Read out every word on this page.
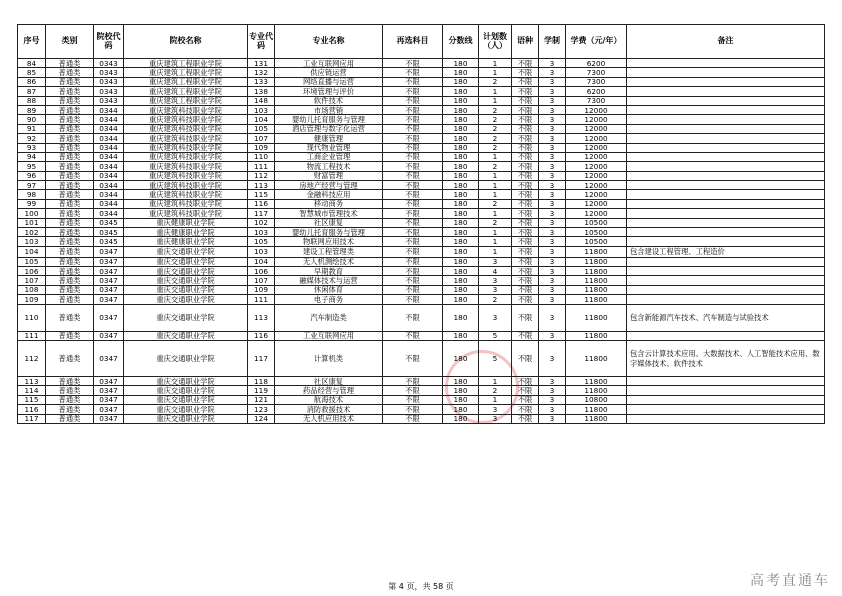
序号	类别	院校代码	院校名称	专业代码	专业名称	再选科目	分数线	计划数（人）	语种	学制	学费（元/年）	备注
84	普通类	0343	重庆建筑工程职业学院	131	工业互联网应用	不限	180	1	不限	3	6200	
85	普通类	0343	重庆建筑工程职业学院	132	供应链运营	不限	180	1	不限	3	7300	
86	普通类	0343	重庆建筑工程职业学院	133	网络直播与运营	不限	180	2	不限	3	7300	
87	普通类	0343	重庆建筑工程职业学院	138	环境管理与评价	不限	180	1	不限	3	6200	
88	普通类	0343	重庆建筑工程职业学院	148	软件技术	不限	180	1	不限	3	7300	
89	普通类	0344	重庆建筑科技职业学院	103	市场营销	不限	180	2	不限	3	12000	
90	普通类	0344	重庆建筑科技职业学院	104	婴幼儿托育服务与管理	不限	180	2	不限	3	12000	
91	普通类	0344	重庆建筑科技职业学院	105	酒店管理与数字化运营	不限	180	2	不限	3	12000	
92	普通类	0344	重庆建筑科技职业学院	107	健康管理	不限	180	2	不限	3	12000	
93	普通类	0344	重庆建筑科技职业学院	109	现代物业管理	不限	180	2	不限	3	12000	
94	普通类	0344	重庆建筑科技职业学院	110	工商企业管理	不限	180	1	不限	3	12000	
95	普通类	0344	重庆建筑科技职业学院	111	物流工程技术	不限	180	2	不限	3	12000	
96	普通类	0344	重庆建筑科技职业学院	112	财富管理	不限	180	1	不限	3	12000	
97	普通类	0344	重庆建筑科技职业学院	113	房地产经营与管理	不限	180	1	不限	3	12000	
98	普通类	0344	重庆建筑科技职业学院	115	金融科技应用	不限	180	1	不限	3	12000	
99	普通类	0344	重庆建筑科技职业学院	116	移动商务	不限	180	2	不限	3	12000	
100	普通类	0344	重庆建筑科技职业学院	117	智慧城市管理技术	不限	180	1	不限	3	12000	
101	普通类	0345	重庆健康职业学院	102	社区康复	不限	180	2	不限	3	10500	
102	普通类	0345	重庆健康职业学院	103	婴幼儿托育服务与管理	不限	180	1	不限	3	10500	
103	普通类	0345	重庆健康职业学院	105	物联网应用技术	不限	180	1	不限	3	10500	
104	普通类	0347	重庆交通职业学院	103	建设工程管理类	不限	180	1	不限	3	11800	包含建设工程管理、工程造价
105	普通类	0347	重庆交通职业学院	104	无人机测绘技术	不限	180	3	不限	3	11800	
106	普通类	0347	重庆交通职业学院	106	早期教育	不限	180	4	不限	3	11800	
107	普通类	0347	重庆交通职业学院	107	融媒体技术与运营	不限	180	3	不限	3	11800	
108	普通类	0347	重庆交通职业学院	109	休闲体育	不限	180	3	不限	3	11800	
109	普通类	0347	重庆交通职业学院	111	电子商务	不限	180	2	不限	3	11800	
110	普通类	0347	重庆交通职业学院	113	汽车制造类	不限	180	3	不限	3	11800	包含新能源汽车技术、汽车制造与试验技术
111	普通类	0347	重庆交通职业学院	116	工业互联网应用	不限	180	5	不限	3	11800	
112	普通类	0347	重庆交通职业学院	117	计算机类	不限	180	5	不限	3	11800	包含云计算技术应用、大数据技术、人工智能技术应用、数字媒体技术、软件技术
113	普通类	0347	重庆交通职业学院	118	社区康复	不限	180	1	不限	3	11800	
114	普通类	0347	重庆交通职业学院	119	药品经营与管理	不限	180	2	不限	3	11800	
115	普通类	0347	重庆交通职业学院	121	航海技术	不限	180	1	不限	3	10800	
116	普通类	0347	重庆交通职业学院	123	消防救援技术	不限	180	3	不限	3	11800	
117	普通类	0347	重庆交通职业学院	124	无人机应用技术	不限	180	3	不限	3	11800	
第 4 页，共 58 页	高考直通车
